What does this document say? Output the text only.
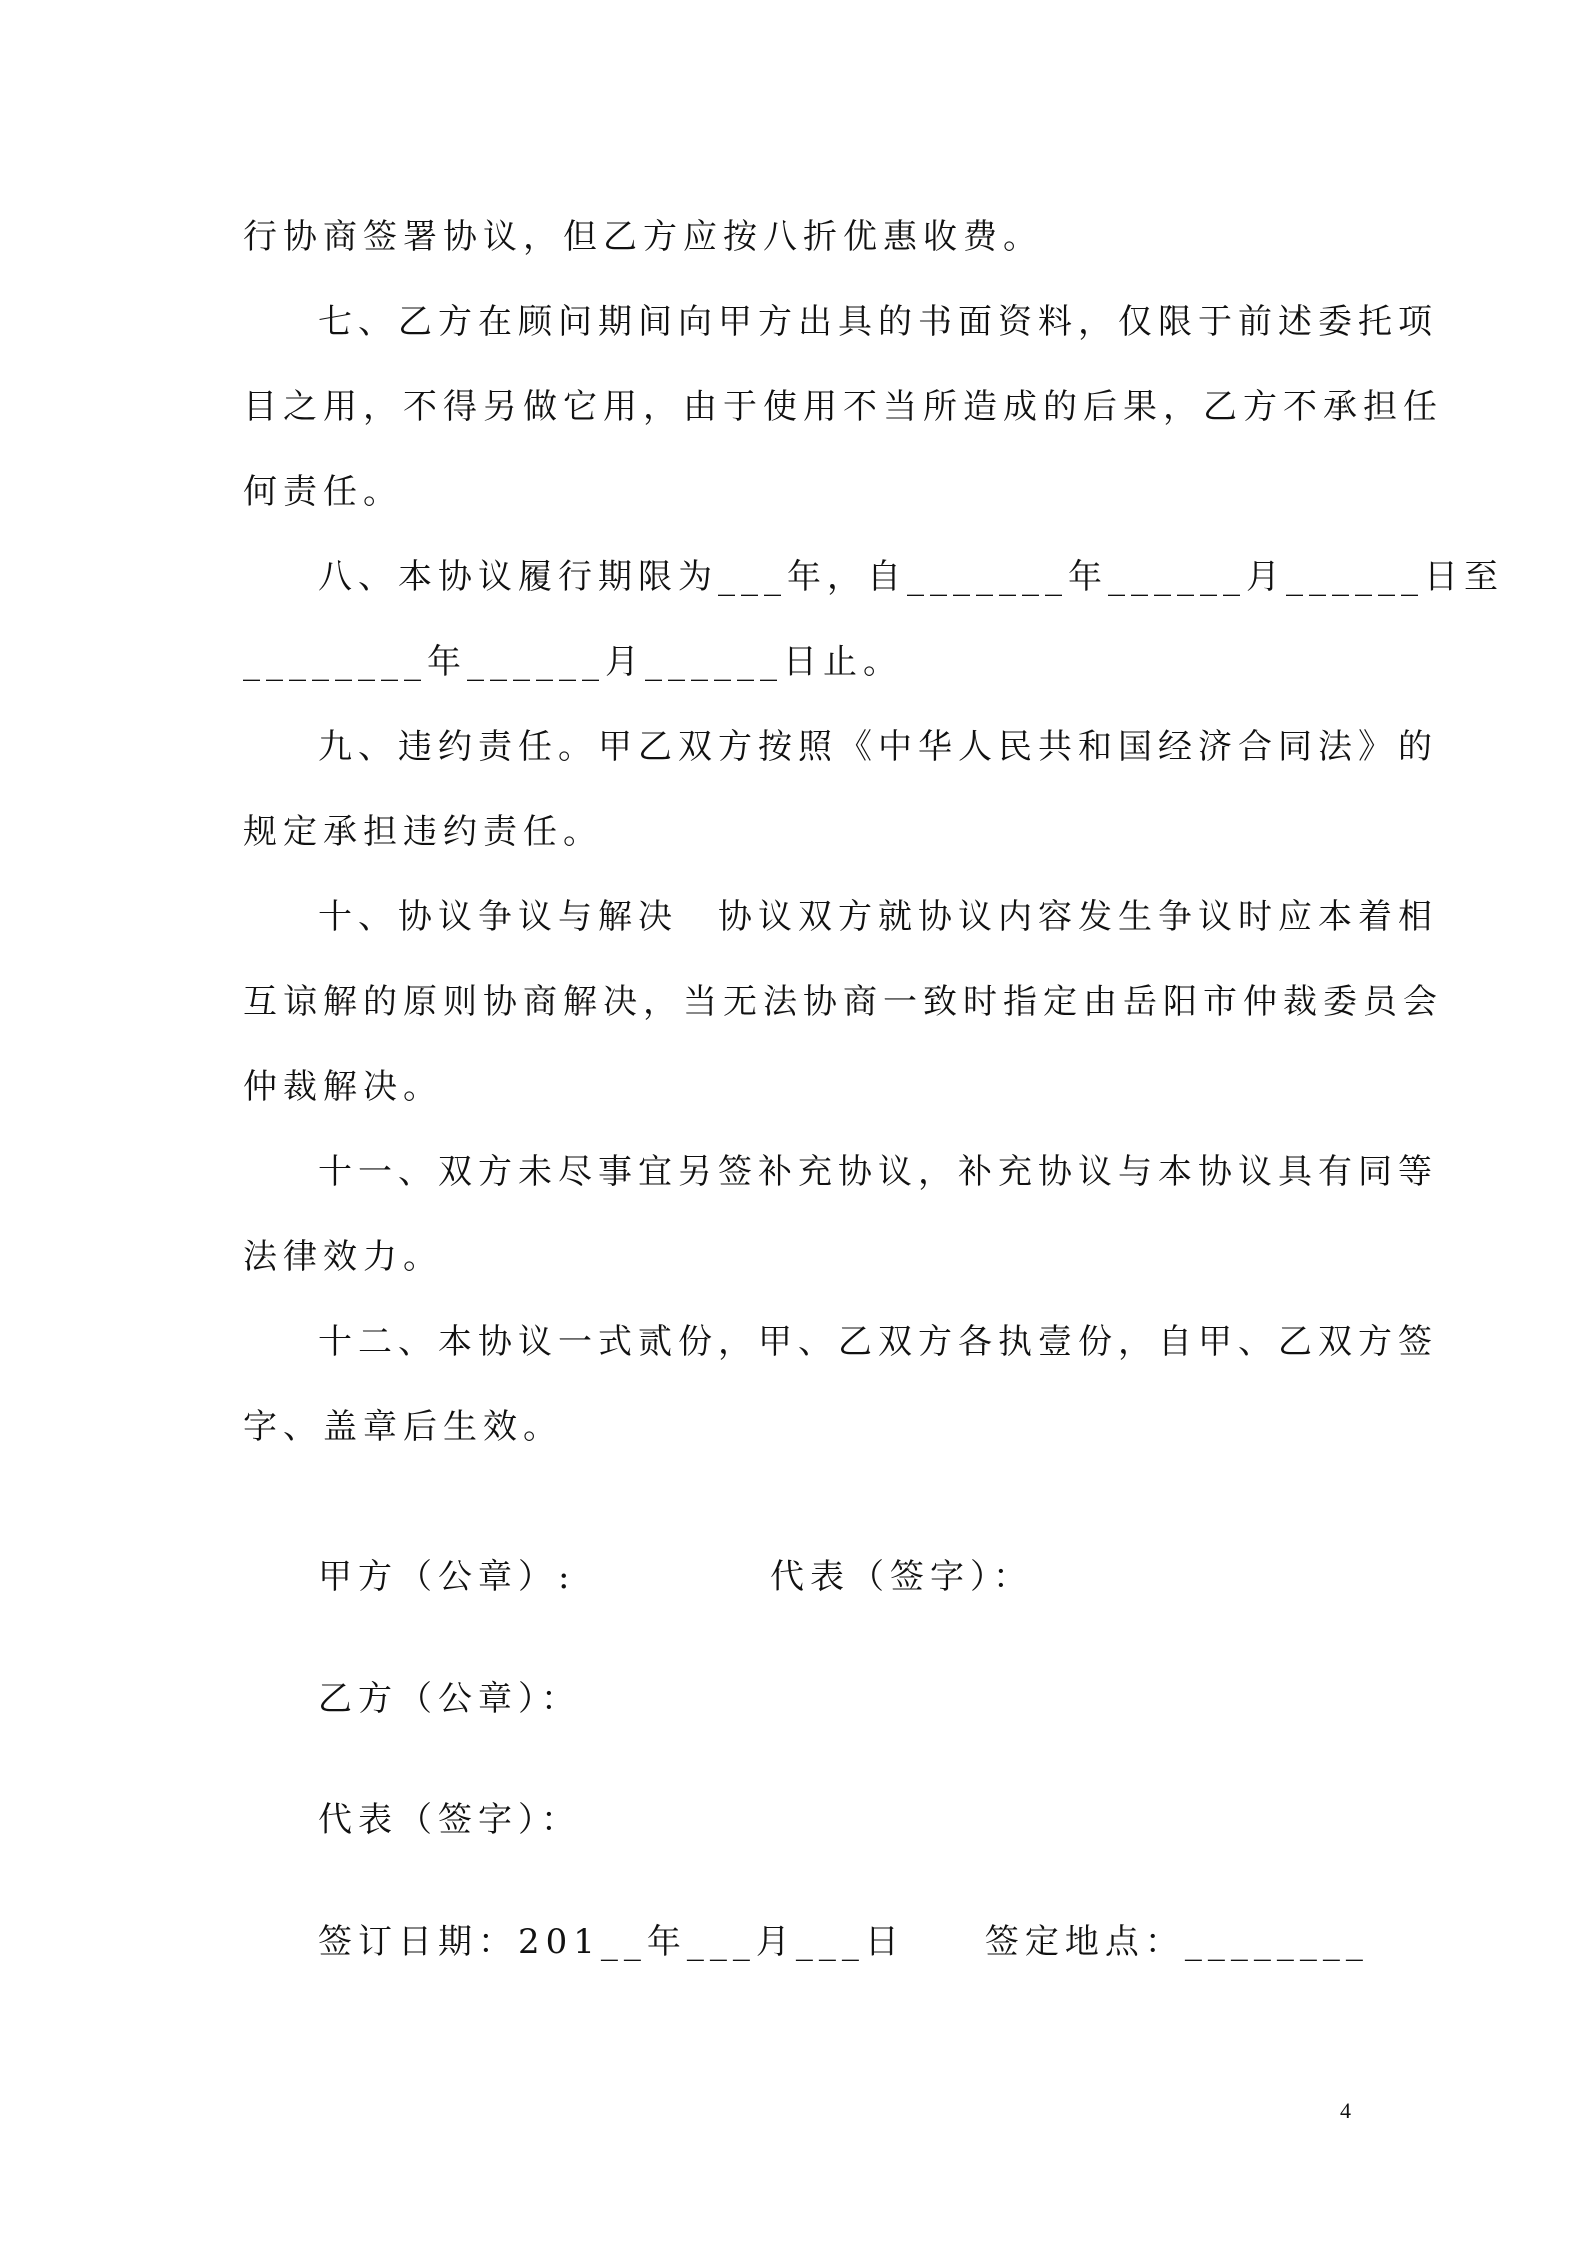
行协商签署协议，但乙方应按八折优惠收费。
七、乙方在顾问期间向甲方出具的书面资料，仅限于前述委托项
目之用，不得另做它用，由于使用不当所造成的后果，乙方不承担任
何责任。
八、本协议履行期限为___年，自_______年______月______日至
________年______月______日止。
九、违约责任。甲乙双方按照《中华人民共和国经济合同法》的
规定承担违约责任。
十、协议争议与解决　协议双方就协议内容发生争议时应本着相
互谅解的原则协商解决，当无法协商一致时指定由岳阳市仲裁委员会
仲裁解决。
十一、双方未尽事宜另签补充协议，补充协议与本协议具有同等
法律效力。
十二、本协议一式贰份，甲、乙双方各执壹份，自甲、乙双方签
字、盖章后生效。
甲方（公章）:	代表（签字）：
乙方（公章）：
代表（签字）：
签订日期：201__年___月___日　　签定地点：________
4
